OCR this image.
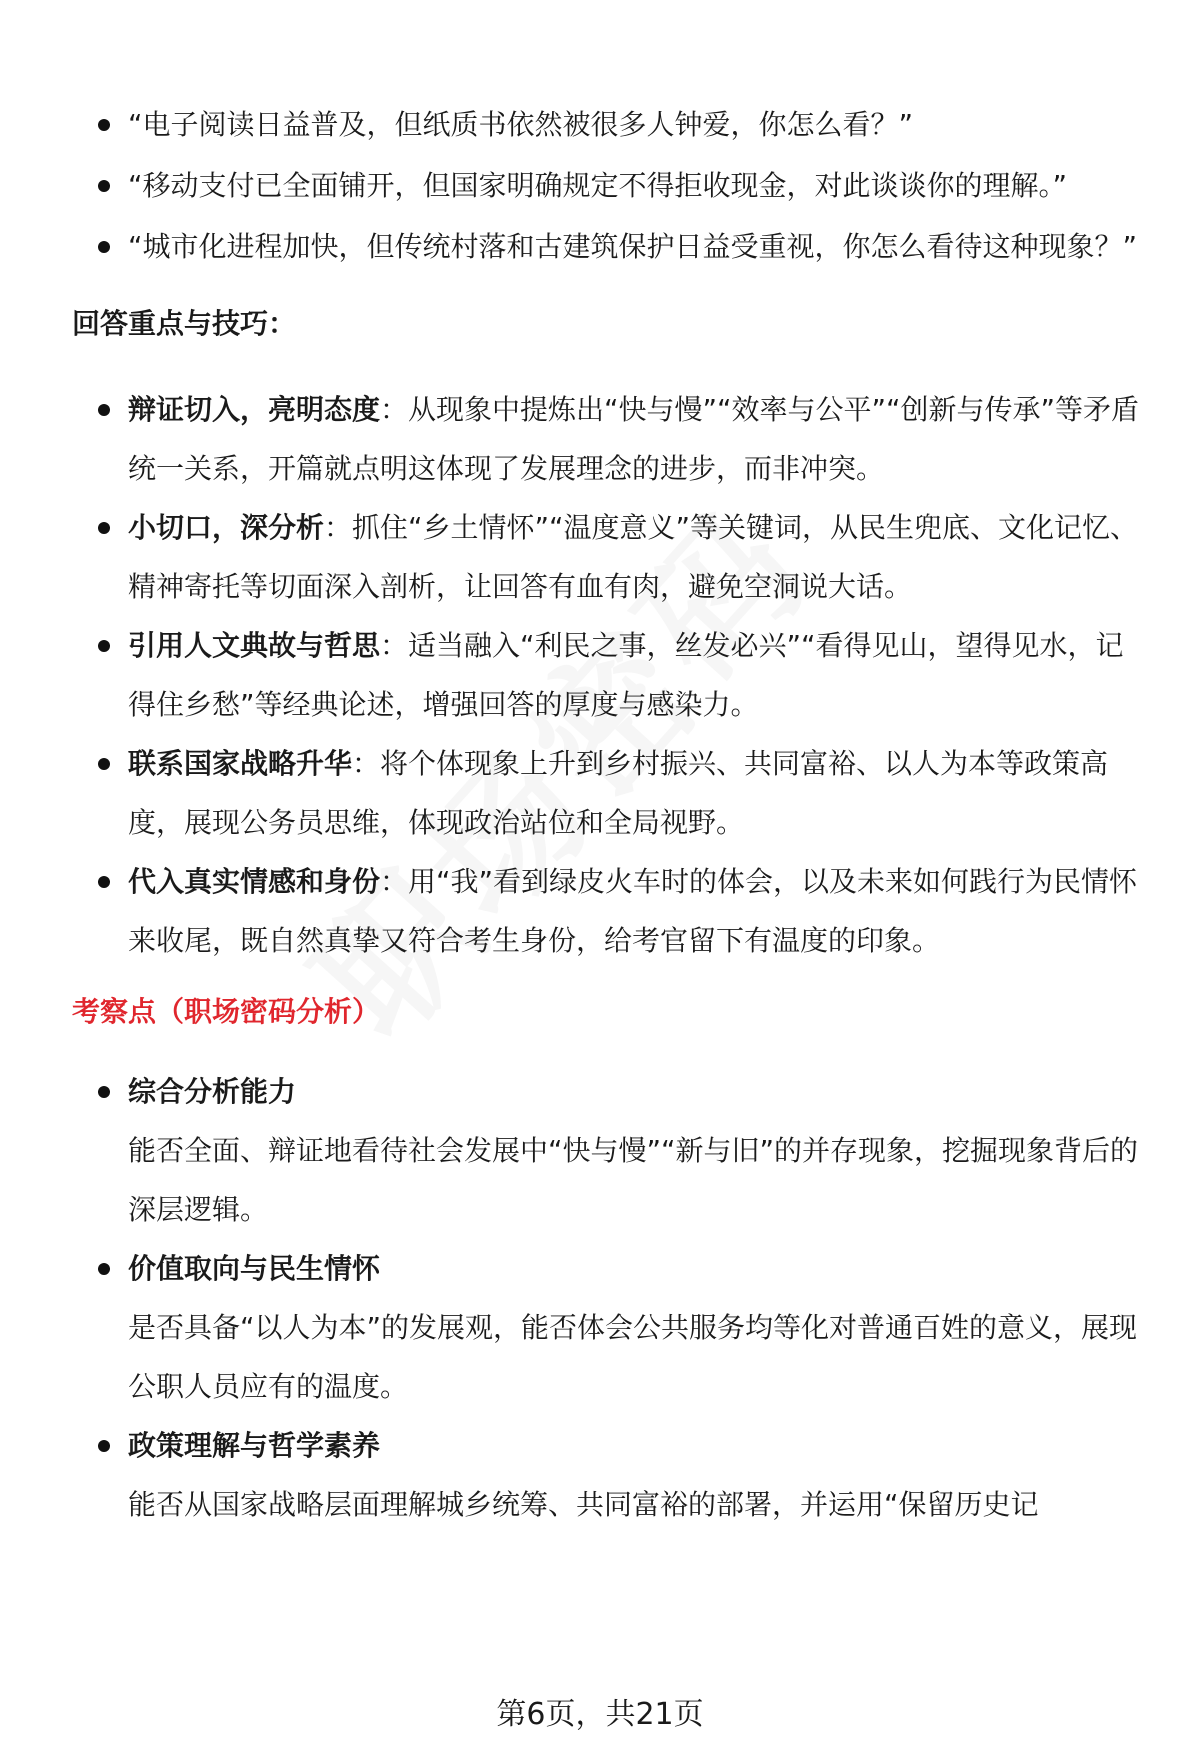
“电子阅读日益普及，但纸质书依然被很多人钟爱，你怎么看？”
“移动支付已全面铺开，但国家明确规定不得拒收现金，对此谈谈你的理解。”
“城市化进程加快，但传统村落和古建筑保护日益受重视，你怎么看待这种现象？”
回答重点与技巧：
辩证切入，亮明态度：从现象中提炼出“快与慢”“效率与公平”“创新与传承”等矛盾统一关系，开篇就点明这体现了发展理念的进步，而非冲突。
小切口，深分析：抓住“乡土情怀”“温度意义”等关键词，从民生兜底、文化记忆、精神寄托等切面深入剖析，让回答有血有肉，避免空洞说大话。
引用人文典故与哲思：适当融入“利民之事，丝发必兴”“看得见山，望得见水，记得住乡愁”等经典论述，增强回答的厚度与感染力。
联系国家战略升华：将个体现象上升到乡村振兴、共同富裕、以人为本等政策高度，展现公务员思维，体现政治站位和全局视野。
代入真实情感和身份：用“我”看到绿皮火车时的体会，以及未来如何践行为民情怀来收尾，既自然真挚又符合考生身份，给考官留下有温度的印象。
考察点（职场密码分析）
综合分析能力
能否全面、辩证地看待社会发展中“快与慢”“新与旧”的并存现象，挖掘现象背后的深层逻辑。
价值取向与民生情怀
是否具备“以人为本”的发展观，能否体会公共服务均等化对普通百姓的意义，展现公职人员应有的温度。
政策理解与哲学素养
能否从国家战略层面理解城乡统筹、共同富裕的部署，并运用“保留历史记
第6页，共21页
